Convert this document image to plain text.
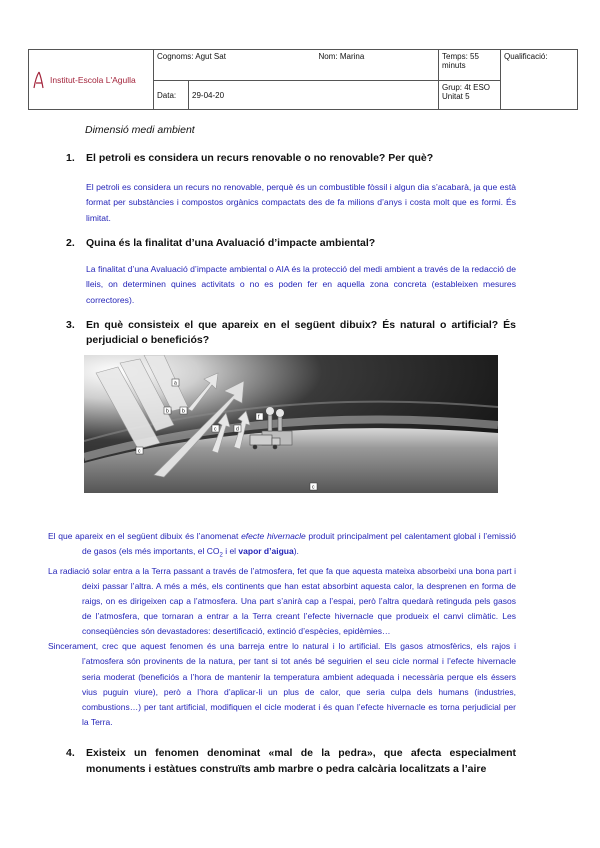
Institut-Escola L'Agulla	Cognoms: Agut Sat Nom: Marina		Temps: 55 minuts	Qualificació:
	Data:	29-04-20	Grup: 4t ESO Unitat 5	
Dimensió medi ambient
1.	El petroli es considera un recurs renovable o no renovable? Per què?
El petroli es considera un recurs no renovable, perquè és un combustible fòssil i algun dia s’acabarà, ja que està format per substàncies i compostos orgànics compactats des de fa milions d’anys i costa molt que es formi. És limitat.
2.	Quina és la finalitat d’una Avaluació d’impacte ambiental?
La finalitat d’una Avaluació d’impacte ambiental o AIA és la protecció del medi ambient a través de la redacció de lleis, on determinen quines activitats o no es poden fer en aquella zona concreta (estableixen mesures correctores).
3.	En què consisteix el que apareix en el següent dibuix? És natural o artificial? És perjudicial o beneficiós?
a
b	b
c
c	d
f
c

El que apareix en el següent dibuix és l’anomenat efecte hivernacle produit principalment pel calentament global i l’emissió de gasos (els més importants, el $CO_2$ i el vapor d’aigua).

La radiació solar entra a la Terra passant a través de l’atmosfera, fet que fa que aquesta mateixa absorbeixi una bona part i deixi passar l’altra. A més a més, els continents que han estat absorbint aquesta calor, la desprenen en forma de raigs, on es dirigeixen cap a l’atmosfera. Una part s’anirà cap a l’espai, però l’altra quedarà retinguda pels gasos de l’atmosfera, que tornaran a entrar a la Terra creant l’efecte hivernacle que produeix el canvi climàtic. Les conseqüències són devastadores: desertificació, extinció d’espècies, epidèmies…

Sincerament, crec que aquest fenomen és una barreja entre lo natural i lo artificial. Els gasos atmosfèrics, els rajos i l’atmosfera són provinents de la natura, per tant si tot anés bé seguirien el seu cicle normal i l’efecte hivernacle seria moderat (beneficiós a l’hora de mantenir la temperatura ambient adequada i necessària perque els éssers vius puguin viure), però a l’hora d’aplicar-li un plus de calor, que seria culpa dels humans (industries, combustions…) per tant artificial, modifiquen el cicle moderat i és quan l’efecte hivernacle es torna perjudicial per la Terra.

4.	Existeix un fenomen denominat «mal de la pedra», que afecta especialment monuments i estàtues construïts amb marbre o pedra calcària localitzats a l’aire
